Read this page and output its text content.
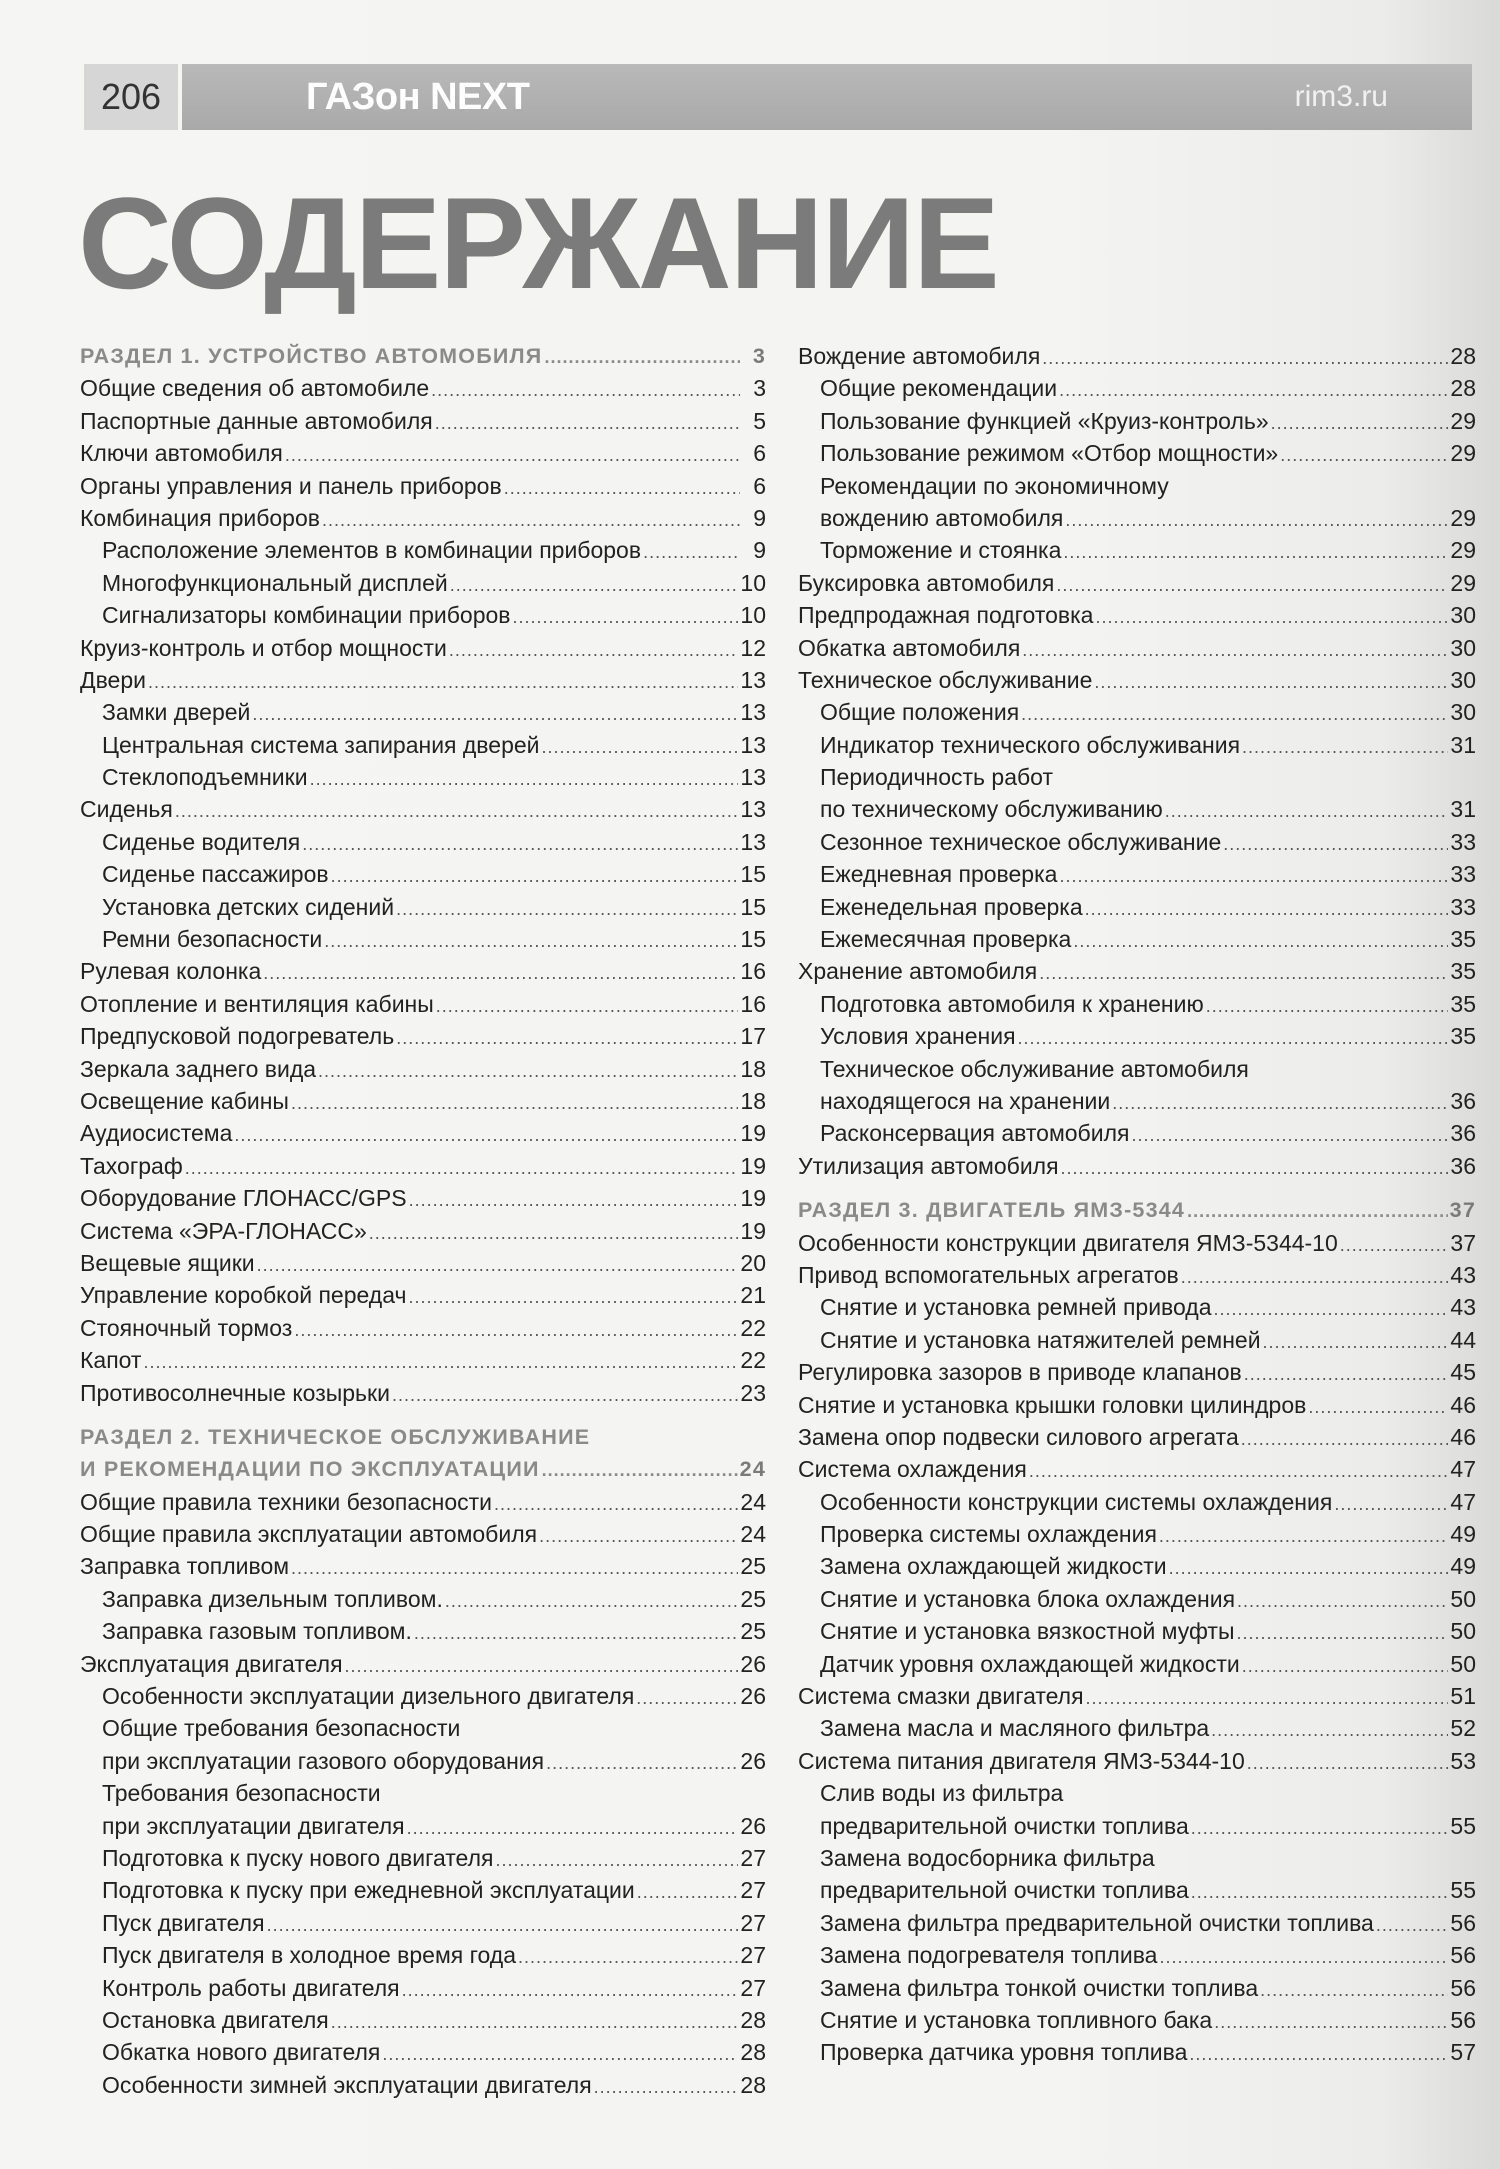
206	ГАЗон NEXT	rim3.ru
СОДЕРЖАНИЕ
РАЗДЕЛ 1. УСТРОЙСТВО АВТОМОБИЛЯ .....	3
Общие сведения об автомобиле .....	3
Паспортные данные автомобиля .....	5
Ключи автомобиля .....	6
Органы управления и панель приборов .....	6
Комбинация приборов .....	9
Расположение элементов в комбинации приборов .....	9
Многофункциональный дисплей .....	10
Сигнализаторы комбинации приборов .....	10
Круиз-контроль и отбор мощности .....	12
Двери .....	13
Замки дверей .....	13
Центральная система запирания дверей .....	13
Стеклоподъемники .....	13
Сиденья .....	13
Сиденье водителя .....	13
Сиденье пассажиров .....	15
Установка детских сидений .....	15
Ремни безопасности .....	15
Рулевая колонка .....	16
Отопление и вентиляция кабины .....	16
Предпусковой подогреватель .....	17
Зеркала заднего вида .....	18
Освещение кабины .....	18
Аудиосистема .....	19
Тахограф .....	19
Оборудование ГЛОНАСС/GPS .....	19
Система «ЭРА-ГЛОНАСС» .....	19
Вещевые ящики .....	20
Управление коробкой передач .....	21
Стояночный тормоз .....	22
Капот .....	22
Противосолнечные козырьки .....	23
РАЗДЕЛ 2. ТЕХНИЧЕСКОЕ ОБСЛУЖИВАНИЕ
И РЕКОМЕНДАЦИИ ПО ЭКСПЛУАТАЦИИ .....	24
Общие правила техники безопасности .....	24
Общие правила эксплуатации автомобиля .....	24
Заправка топливом .....	25
Заправка дизельным топливом. .....	25
Заправка газовым топливом. .....	25
Эксплуатация двигателя .....	26
Особенности эксплуатации дизельного двигателя .....	26
Общие требования безопасности
при эксплуатации газового оборудования .....	26
Требования безопасности
при эксплуатации двигателя .....	26
Подготовка к пуску нового двигателя .....	27
Подготовка к пуску при ежедневной эксплуатации .....	27
Пуск двигателя .....	27
Пуск двигателя в холодное время года .....	27
Контроль работы двигателя .....	27
Остановка двигателя .....	28
Обкатка нового двигателя .....	28
Особенности зимней эксплуатации двигателя .....	28
Вождение автомобиля .....	28
Общие рекомендации .....	28
Пользование функцией «Круиз-контроль» .....	29
Пользование режимом «Отбор мощности» .....	29
Рекомендации по экономичному
вождению автомобиля .....	29
Торможение и стоянка .....	29
Буксировка автомобиля .....	29
Предпродажная подготовка .....	30
Обкатка автомобиля .....	30
Техническое обслуживание .....	30
Общие положения .....	30
Индикатор технического обслуживания .....	31
Периодичность работ
по техническому обслуживанию .....	31
Сезонное техническое обслуживание .....	33
Ежедневная проверка .....	33
Еженедельная проверка .....	33
Ежемесячная проверка .....	35
Хранение автомобиля .....	35
Подготовка автомобиля к хранению .....	35
Условия хранения .....	35
Техническое обслуживание автомобиля
находящегося на хранении .....	36
Расконсервация автомобиля .....	36
Утилизация автомобиля .....	36
РАЗДЕЛ 3. ДВИГАТЕЛЬ ЯМЗ-5344 .....	37
Особенности конструкции двигателя ЯМЗ-5344-10 .....	37
Привод вспомогательных агрегатов .....	43
Снятие и установка ремней привода .....	43
Снятие и установка натяжителей ремней .....	44
Регулировка зазоров в приводе клапанов .....	45
Снятие и установка крышки головки цилиндров .....	46
Замена опор подвески силового агрегата .....	46
Система охлаждения .....	47
Особенности конструкции системы охлаждения .....	47
Проверка системы охлаждения .....	49
Замена охлаждающей жидкости .....	49
Снятие и установка блока охлаждения .....	50
Снятие и установка вязкостной муфты .....	50
Датчик уровня охлаждающей жидкости .....	50
Система смазки двигателя .....	51
Замена масла и масляного фильтра .....	52
Система питания двигателя ЯМЗ-5344-10 .....	53
Слив воды из фильтра
предварительной очистки топлива .....	55
Замена водосборника фильтра
предварительной очистки топлива .....	55
Замена фильтра предварительной очистки топлива .....	56
Замена подогревателя топлива .....	56
Замена фильтра тонкой очистки топлива .....	56
Снятие и установка топливного бака .....	56
Проверка датчика уровня топлива .....	57
